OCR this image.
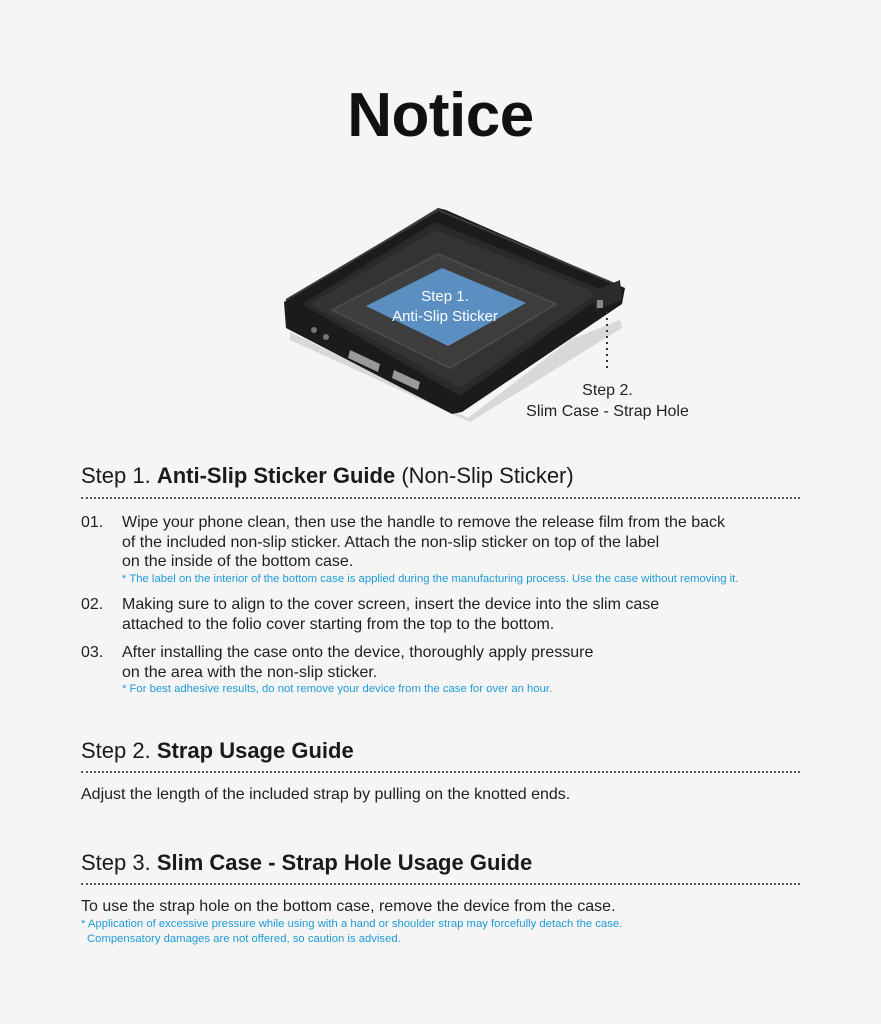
Notice
Step 1.
Anti-Slip Sticker
Step 2.
Slim Case - Strap Hole
Step 1. Anti-Slip Sticker Guide (Non-Slip Sticker)
01. Wipe your phone clean, then use the handle to remove the release film from the back

of the included non-slip sticker. Attach the non-slip sticker on top of the label

on the inside of the bottom case.

* The label on the interior of the bottom case is applied during the manufacturing process. Use the case without removing it.

02. Making sure to align to the cover screen, insert the device into the slim case

attached to the folio cover starting from the top to the bottom.

03. After installing the case onto the device, thoroughly apply pressure

on the area with the non-slip sticker.

* For best adhesive results, do not remove your device from the case for over an hour.

Step 2. Strap Usage Guide
Adjust the length of the included strap by pulling on the knotted ends.
Step 3. Slim Case - Strap Hole Usage Guide
To use the strap hole on the bottom case, remove the device from the case.
* Application of excessive pressure while using with a hand or shoulder strap may forcefully detach the case.
Compensatory damages are not offered, so caution is advised.
